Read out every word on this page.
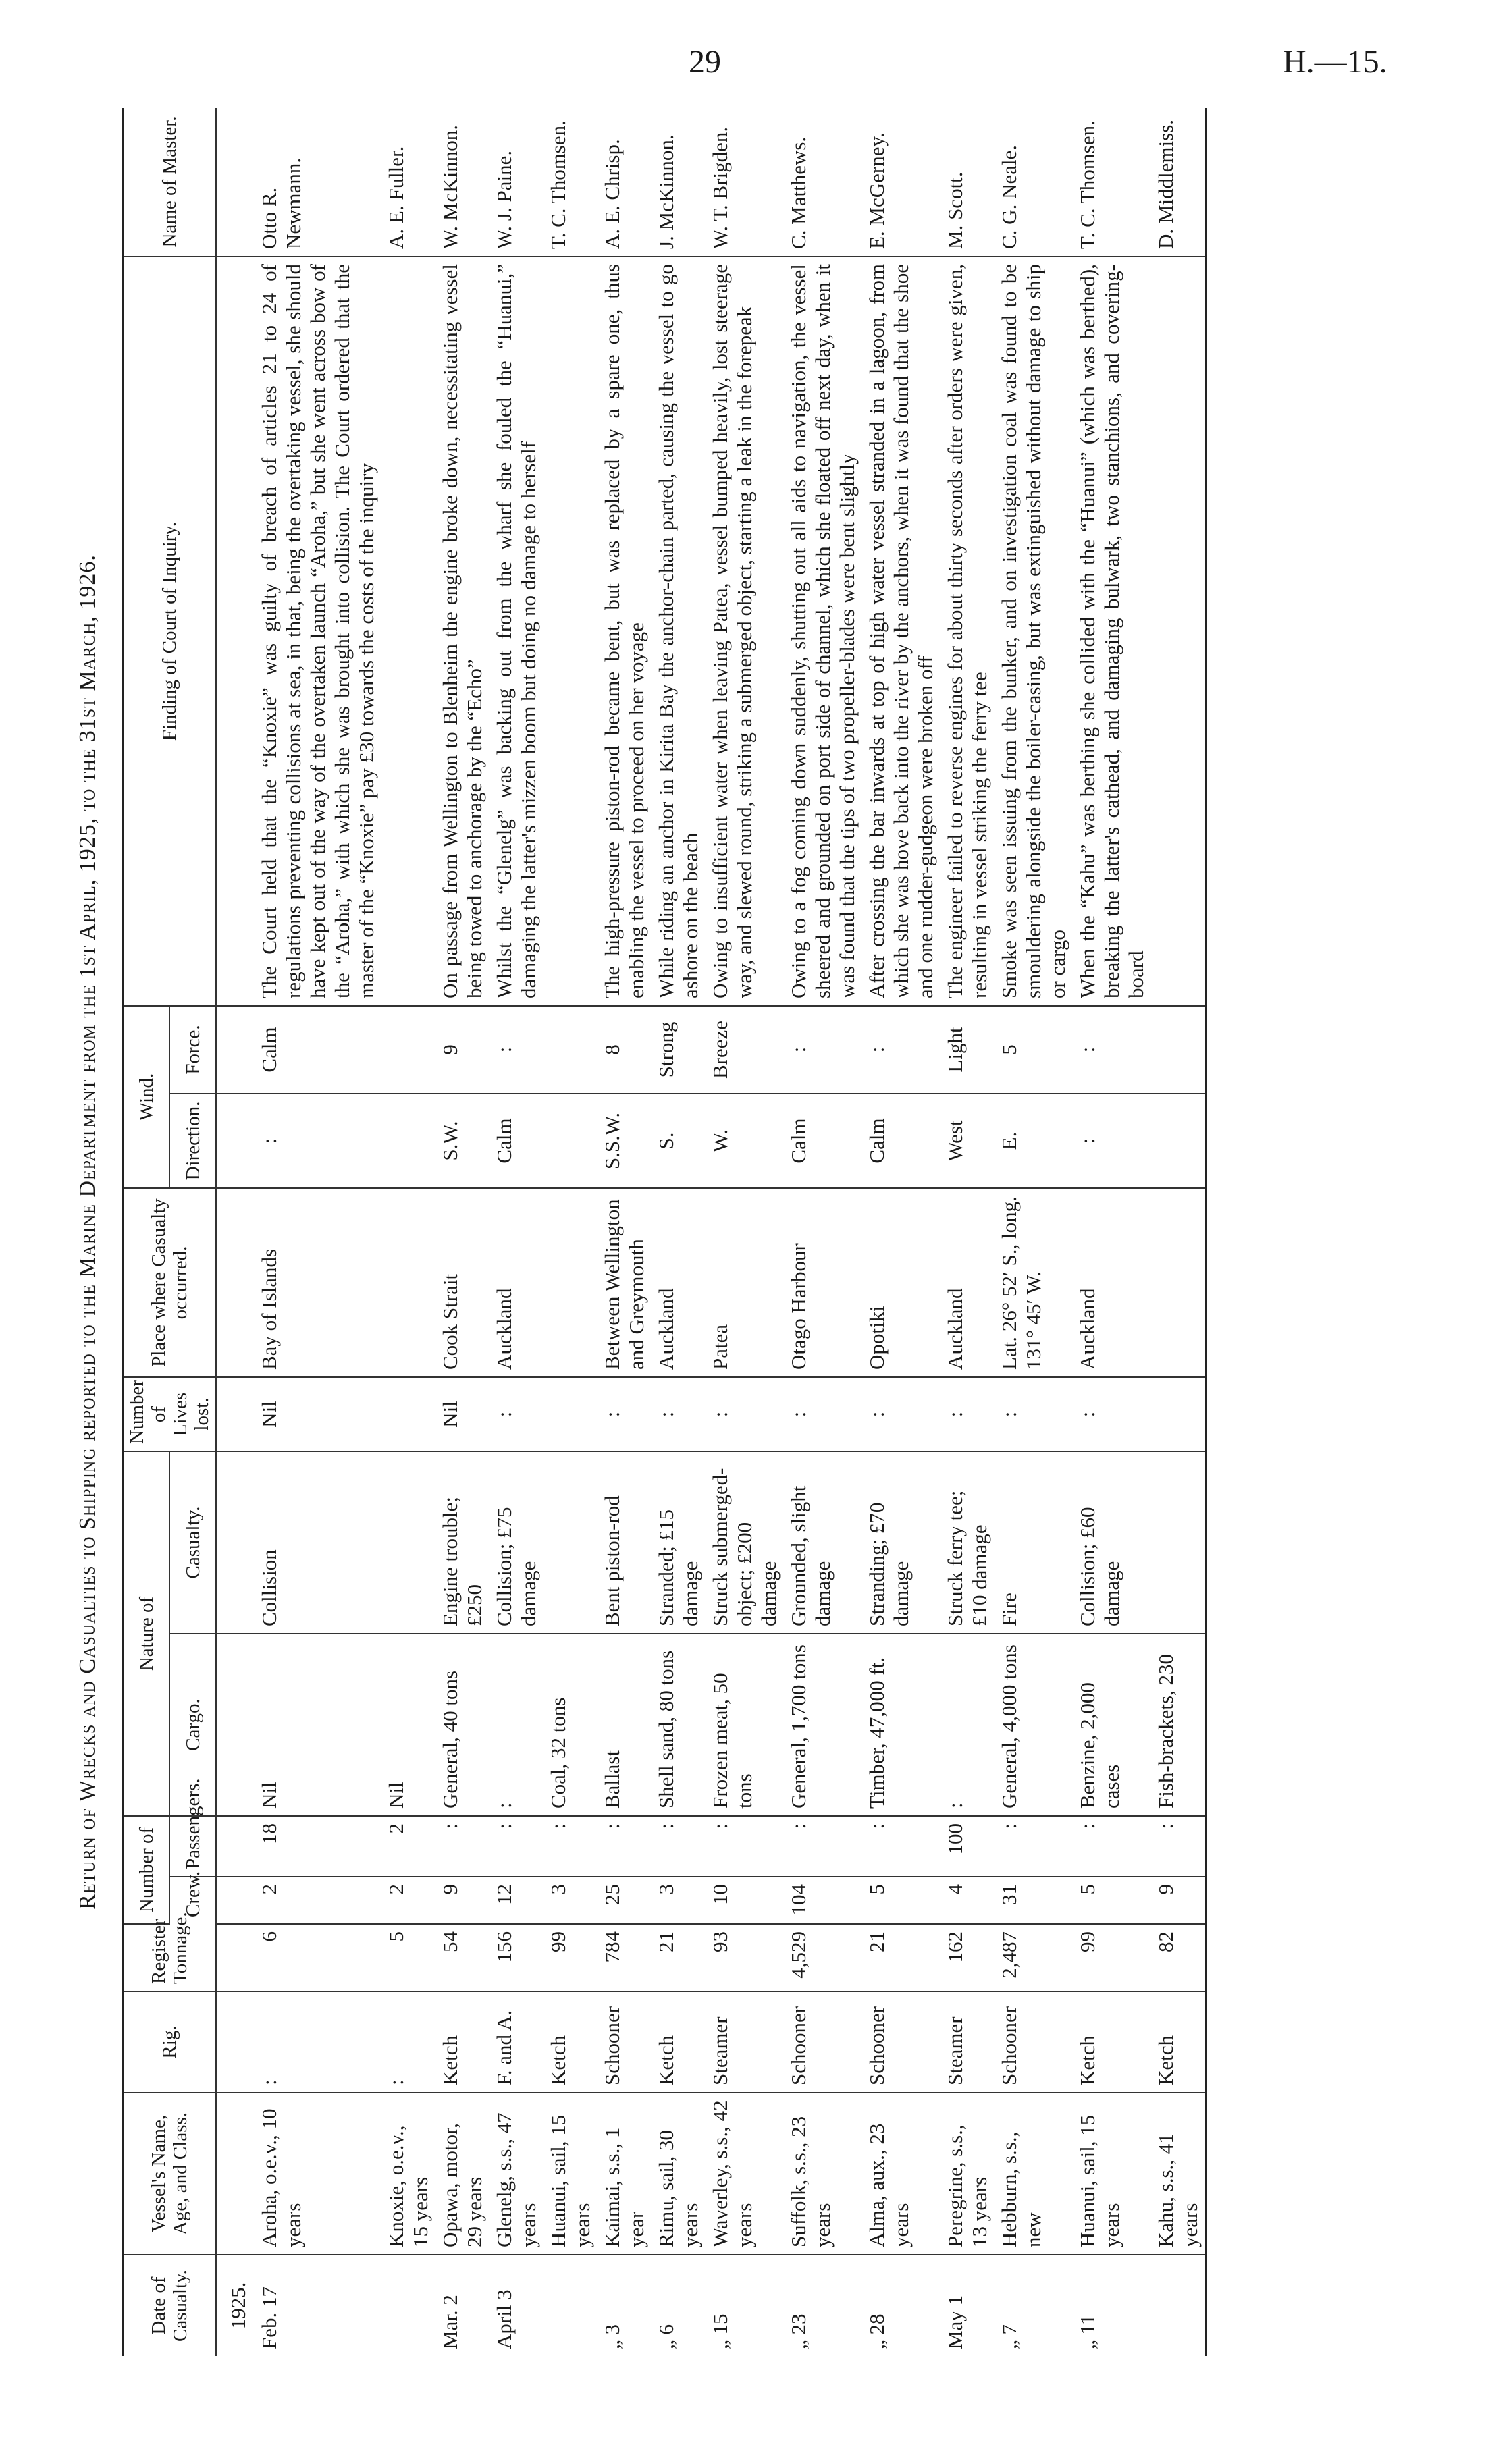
29	H.—15.
Return of Wrecks and Casualties to Shipping reported to the Marine Department from the 1st April, 1925, to the 31st March, 1926.
Date of Casualty.	Vessel's Name, Age, and Class.	Rig.	Register Tonnage.	Number of		Nature of		Number of Lives lost.	Place where Casualty occurred.	Wind.		Finding of Court of Inquiry.	Name of Master.
				Crew.	Passengers.	Cargo.	Casualty.			Direction.	Force.		
1925.													
Feb. 17	Aroha, o.e.v., 10 years	:	6	2	18	Nil	Collision	Nil	Bay of Islands	:	Calm	The Court held that the “Knoxie” was guilty of breach of articles 21 to 24 of regulations preventing collisions at sea, in that, being the overtaking vessel, she should have kept out of the way of the overtaken launch “Aroha,” but she went across bow of the “Aroha,” with which she was brought into collision. The Court ordered that the master of the “Knoxie” pay £30 towards the costs of the inquiry	Otto R. Newmann.
	Knoxie, o.e.v., 15 years	:	5	2	2	Nil							A. E. Fuller.
Mar. 2	Opawa, motor, 29 years	Ketch	54	9	:	General, 40 tons	Engine trouble; £250	Nil	Cook Strait	S.W.	9	On passage from Wellington to Blenheim the engine broke down, necessitating vessel being towed to anchorage by the “Echo”	W. McKinnon.
April 3	Glenelg, s.s., 47 years	F. and A.	156	12	:	:	Collision; £75 damage	:	Auckland	Calm	:	Whilst the “Glenelg” was backing out from the wharf she fouled the “Huanui,” damaging the latter's mizzen boom but doing no damage to herself	W. J. Paine.
	Huanui, sail, 15 years	Ketch	99	3	:	Coal, 32 tons							T. C. Thomsen.
„ 3	Kaimai, s.s., 1 year	Schooner	784	25	:	Ballast	Bent piston-rod	:	Between Wellington and Greymouth	S.S.W.	8	The high-pressure piston-rod became bent, but was replaced by a spare one, thus enabling the vessel to proceed on her voyage	A. E. Chrisp.
„ 6	Rimu, sail, 30 years	Ketch	21	3	:	Shell sand, 80 tons	Stranded; £15 damage	:	Auckland	S.	Strong	While riding an anchor in Kirita Bay the anchor-chain parted, causing the vessel to go ashore on the beach	J. McKinnon.
„ 15	Waverley, s.s., 42 years	Steamer	93	10	:	Frozen meat, 50 tons	Struck submerged-object; £200 damage	:	Patea	W.	Breeze	Owing to insufficient water when leaving Patea, vessel bumped heavily, lost steerage way, and slewed round, striking a submerged object, starting a leak in the forepeak	W. T. Brigden.
„ 23	Suffolk, s.s., 23 years	Schooner	4,529	104	:	General, 1,700 tons	Grounded, slight damage	:	Otago Harbour	Calm	:	Owing to a fog coming down suddenly, shutting out all aids to navigation, the vessel sheered and grounded on port side of channel, which she floated off next day, when it was found that the tips of two propeller-blades were bent slightly	C. Matthews.
„ 28	Alma, aux., 23 years	Schooner	21	5	:	Timber, 47,000 ft.	Stranding; £70 damage	:	Opotiki	Calm	:	After crossing the bar inwards at top of high water vessel stranded in a lagoon, from which she was hove back into the river by the anchors, when it was found that the shoe and one rudder-gudgeon were broken off	E. McGerney.
May 1	Peregrine, s.s., 13 years	Steamer	162	4	100	:	Struck ferry tee; £10 damage	:	Auckland	West	Light	The engineer failed to reverse engines for about thirty seconds after orders were given, resulting in vessel striking the ferry tee	M. Scott.
„ 7	Hebburn, s.s., new	Schooner	2,487	31	:	General, 4,000 tons	Fire	:	Lat. 26° 52′ S., long. 131° 45′ W.	E.	5	Smoke was seen issuing from the bunker, and on investigation coal was found to be smouldering alongside the boiler-casing, but was extinguished without damage to ship or cargo	C. G. Neale.
„ 11	Huanui, sail, 15 years	Ketch	99	5	:	Benzine, 2,000 cases	Collision; £60 damage	:	Auckland	:	:	When the “Kahu” was berthing she collided with the “Huanui” (which was berthed), breaking the latter's cathead, and damaging bulwark, two stanchions, and covering-board	T. C. Thomsen.
	Kahu, s.s., 41 years	Ketch	82	9	:	Fish-brackets, 230							D. Middlemiss.
